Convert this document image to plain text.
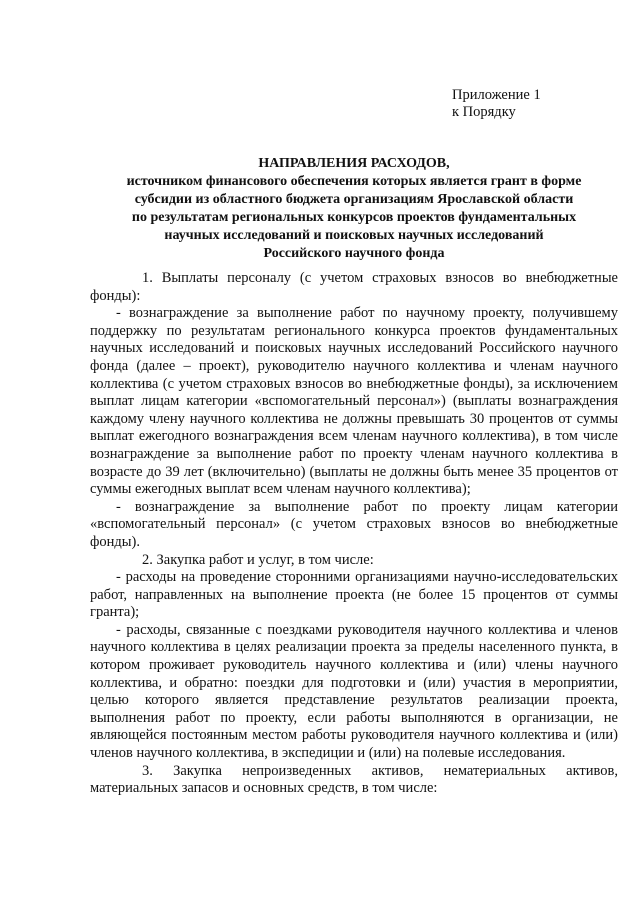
Приложение 1
к Порядку
НАПРАВЛЕНИЯ РАСХОДОВ,
источником финансового обеспечения которых является грант в форме
субсидии из областного бюджета организациям Ярославской области
по результатам региональных конкурсов проектов фундаментальных
научных исследований и поисковых научных исследований
Российского научного фонда

1. Выплаты персоналу (с учетом страховых взносов во внебюджетные фонды):

- вознаграждение за выполнение работ по научному проекту, получившему поддержку по результатам регионального конкурса проектов фундаментальных научных исследований и поисковых научных исследований Российского научного фонда (далее – проект), руководителю научного коллектива и членам научного коллектива (с учетом страховых взносов во внебюджетные фонды), за исключением выплат лицам категории «вспомогательный персонал») (выплаты вознаграждения каждому члену научного коллектива не должны превышать 30 процентов от суммы выплат ежегодного вознаграждения всем членам научного коллектива), в том числе вознаграждение за выполнение работ по проекту членам научного коллектива в возрасте до 39 лет (включительно) (выплаты не должны быть менее 35 процентов от суммы ежегодных выплат всем членам научного коллектива);

- вознаграждение за выполнение работ по проекту лицам категории «вспомогательный персонал» (с учетом страховых взносов во внебюджетные фонды).

2. Закупка работ и услуг, в том числе:

- расходы на проведение сторонними организациями научно-исследовательских работ, направленных на выполнение проекта (не более 15 процентов от суммы гранта);

- расходы, связанные с поездками руководителя научного коллектива и членов научного коллектива в целях реализации проекта за пределы населенного пункта, в котором проживает руководитель научного коллектива и (или) члены научного коллектива, и обратно: поездки для подготовки и (или) участия в мероприятии, целью которого является представление результатов реализации проекта, выполнения работ по проекту, если работы выполняются в организации, не являющейся постоянным местом работы руководителя научного коллектива и (или) членов научного коллектива, в экспедиции и (или) на полевые исследования.

3. Закупка непроизведенных активов, нематериальных активов, материальных запасов и основных средств, в том числе:
